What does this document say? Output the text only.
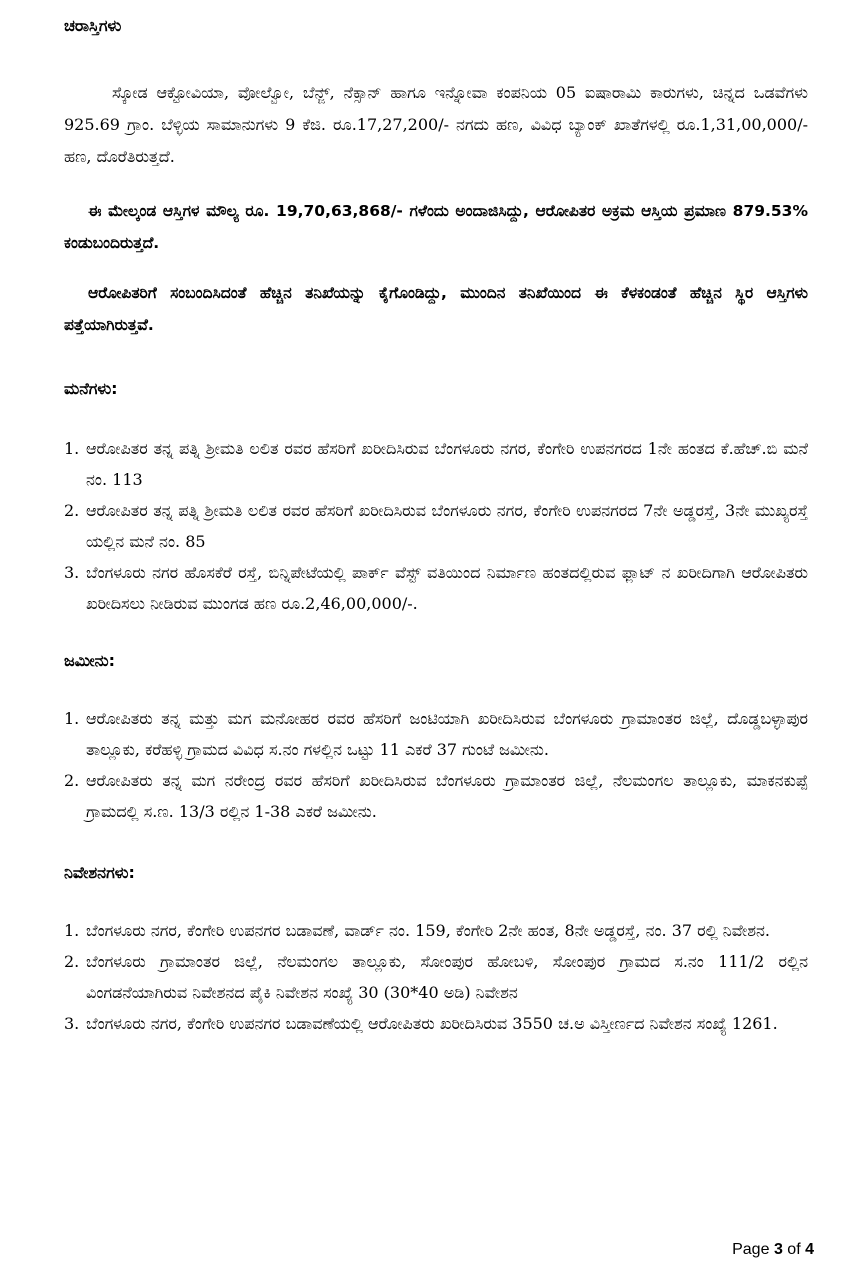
ಚರಾಸ್ತಿಗಳು

ಸ್ಕೋಡ ಆಕ್ಟೋವಿಯಾ, ವೋಲ್ವೋ, ಬೆನ್ಜ್, ನೆಕ್ಸಾನ್ ಹಾಗೂ ಇನ್ನೋವಾ ಕಂಪನಿಯ 05 ಐಷಾರಾಮಿ ಕಾರುಗಳು, ಚಿನ್ನದ ಒಡವೆಗಳು 925.69 ಗ್ರಾಂ. ಬೆಳ್ಳಿಯ ಸಾಮಾನುಗಳು 9 ಕೆಜಿ. ರೂ.17,27,200/- ನಗದು ಹಣ, ವಿವಿಧ ಬ್ಯಾಂಕ್ ಖಾತೆಗಳಲ್ಲಿ ರೂ.1,31,00,000/- ಹಣ, ದೊರೆತಿರುತ್ತದೆ.

ಈ ಮೇಲ್ಕಂಡ ಆಸ್ತಿಗಳ ಮೌಲ್ಯ ರೂ. 19,70,63,868/- ಗಳೆಂದು ಅಂದಾಜಿಸಿದ್ದು, ಆರೋಪಿತರ ಅಕ್ರಮ ಆಸ್ತಿಯ ಪ್ರಮಾಣ 879.53% ಕಂಡುಬಂದಿರುತ್ತದೆ.

ಆರೋಪಿತರಿಗೆ ಸಂಬಂದಿಸಿದಂತೆ ಹೆಚ್ಚಿನ ತನಿಖೆಯನ್ನು ಕೈಗೊಂಡಿದ್ದು, ಮುಂದಿನ ತನಿಖೆಯಿಂದ ಈ ಕೆಳಕಂಡಂತೆ ಹೆಚ್ಚಿನ ಸ್ಥಿರ ಆಸ್ತಿಗಳು ಪತ್ತೆಯಾಗಿರುತ್ತವೆ.

ಮನೆಗಳು:

1. ಆರೋಪಿತರ ತನ್ನ ಪತ್ನಿ ಶ್ರೀಮತಿ ಲಲಿತ ರವರ ಹೆಸರಿಗೆ ಖರೀದಿಸಿರುವ ಬೆಂಗಳೂರು ನಗರ, ಕೆಂಗೇರಿ ಉಪನಗರದ 1ನೇ ಹಂತದ ಕೆ.ಹೆಚ್.ಬಿ ಮನೆ ನಂ. 113
2. ಆರೋಪಿತರ ತನ್ನ ಪತ್ನಿ ಶ್ರೀಮತಿ ಲಲಿತ ರವರ ಹೆಸರಿಗೆ ಖರೀದಿಸಿರುವ ಬೆಂಗಳೂರು ನಗರ, ಕೆಂಗೇರಿ ಉಪನಗರದ 7ನೇ ಅಡ್ಡರಸ್ತೆ, 3ನೇ ಮುಖ್ಯರಸ್ತೆ ಯಲ್ಲಿನ ಮನೆ ನಂ. 85
3. ಬೆಂಗಳೂರು ನಗರ ಹೊಸಕೆರೆ ರಸ್ತೆ, ಬಿನ್ನಿಪೇಟೆಯಲ್ಲಿ ಪಾರ್ಕ್ ವೆಸ್ಟ್ ವತಿಯಿಂದ ನಿರ್ಮಾಣ ಹಂತದಲ್ಲಿರುವ ಫ್ಲಾಟ್ ನ ಖರೀದಿಗಾಗಿ ಆರೋಪಿತರು ಖರೀದಿಸಲು ನೀಡಿರುವ ಮುಂಗಡ ಹಣ ರೂ.2,46,00,000/-.

ಜಮೀನು:

1. ಆರೋಪಿತರು ತನ್ನ ಮತ್ತು ಮಗ ಮನೋಹರ ರವರ ಹೆಸರಿಗೆ ಜಂಟಿಯಾಗಿ ಖರೀದಿಸಿರುವ ಬೆಂಗಳೂರು ಗ್ರಾಮಾಂತರ ಜಿಲ್ಲೆ, ದೊಡ್ಡಬಳ್ಳಾಪುರ ತಾಲ್ಲೂಕು, ಕರೆಹಳ್ಳಿ ಗ್ರಾಮದ ವಿವಿಧ ಸ.ನಂ ಗಳಲ್ಲಿನ ಒಟ್ಟು 11 ಎಕರೆ 37 ಗುಂಟೆ ಜಮೀನು.
2. ಆರೋಪಿತರು ತನ್ನ ಮಗ ನರೇಂದ್ರ ರವರ ಹೆಸರಿಗೆ ಖರೀದಿಸಿರುವ ಬೆಂಗಳೂರು ಗ್ರಾಮಾಂತರ ಜಿಲ್ಲೆ, ನೆಲಮಂಗಲ ತಾಲ್ಲೂಕು, ಮಾಕನಕುಪ್ಪೆ ಗ್ರಾಮದಲ್ಲಿ ಸ.ಣ. 13/3 ರಲ್ಲಿನ 1-38 ಎಕರೆ ಜಮೀನು.

ನಿವೇಶನಗಳು:

1. ಬೆಂಗಳೂರು ನಗರ, ಕೆಂಗೇರಿ ಉಪನಗರ ಬಡಾವಣೆ, ವಾರ್ಡ್ ನಂ. 159, ಕೆಂಗೇರಿ 2ನೇ ಹಂತ, 8ನೇ ಅಡ್ಡರಸ್ತೆ, ನಂ. 37 ರಲ್ಲಿ ನಿವೇಶನ.
2. ಬೆಂಗಳೂರು ಗ್ರಾಮಾಂತರ ಜಿಲ್ಲೆ, ನೆಲಮಂಗಲ ತಾಲ್ಲೂಕು, ಸೋಂಪುರ ಹೋಬಳಿ, ಸೋಂಪುರ ಗ್ರಾಮದ ಸ.ನಂ 111/2 ರಲ್ಲಿನ ವಿಂಗಡನೆಯಾಗಿರುವ ನಿವೇಶನದ ಪೈಕಿ ನಿವೇಶನ ಸಂಖ್ಯೆ 30 (30*40 ಅಡಿ) ನಿವೇಶನ
3. ಬೆಂಗಳೂರು ನಗರ, ಕೆಂಗೇರಿ ಉಪನಗರ ಬಡಾವಣೆಯಲ್ಲಿ ಆರೋಪಿತರು ಖರೀದಿಸಿರುವ 3550 ಚ.ಅ ವಿಸ್ತೀರ್ಣದ ನಿವೇಶನ ಸಂಖ್ಯೆ 1261.
Page 3 of 4
